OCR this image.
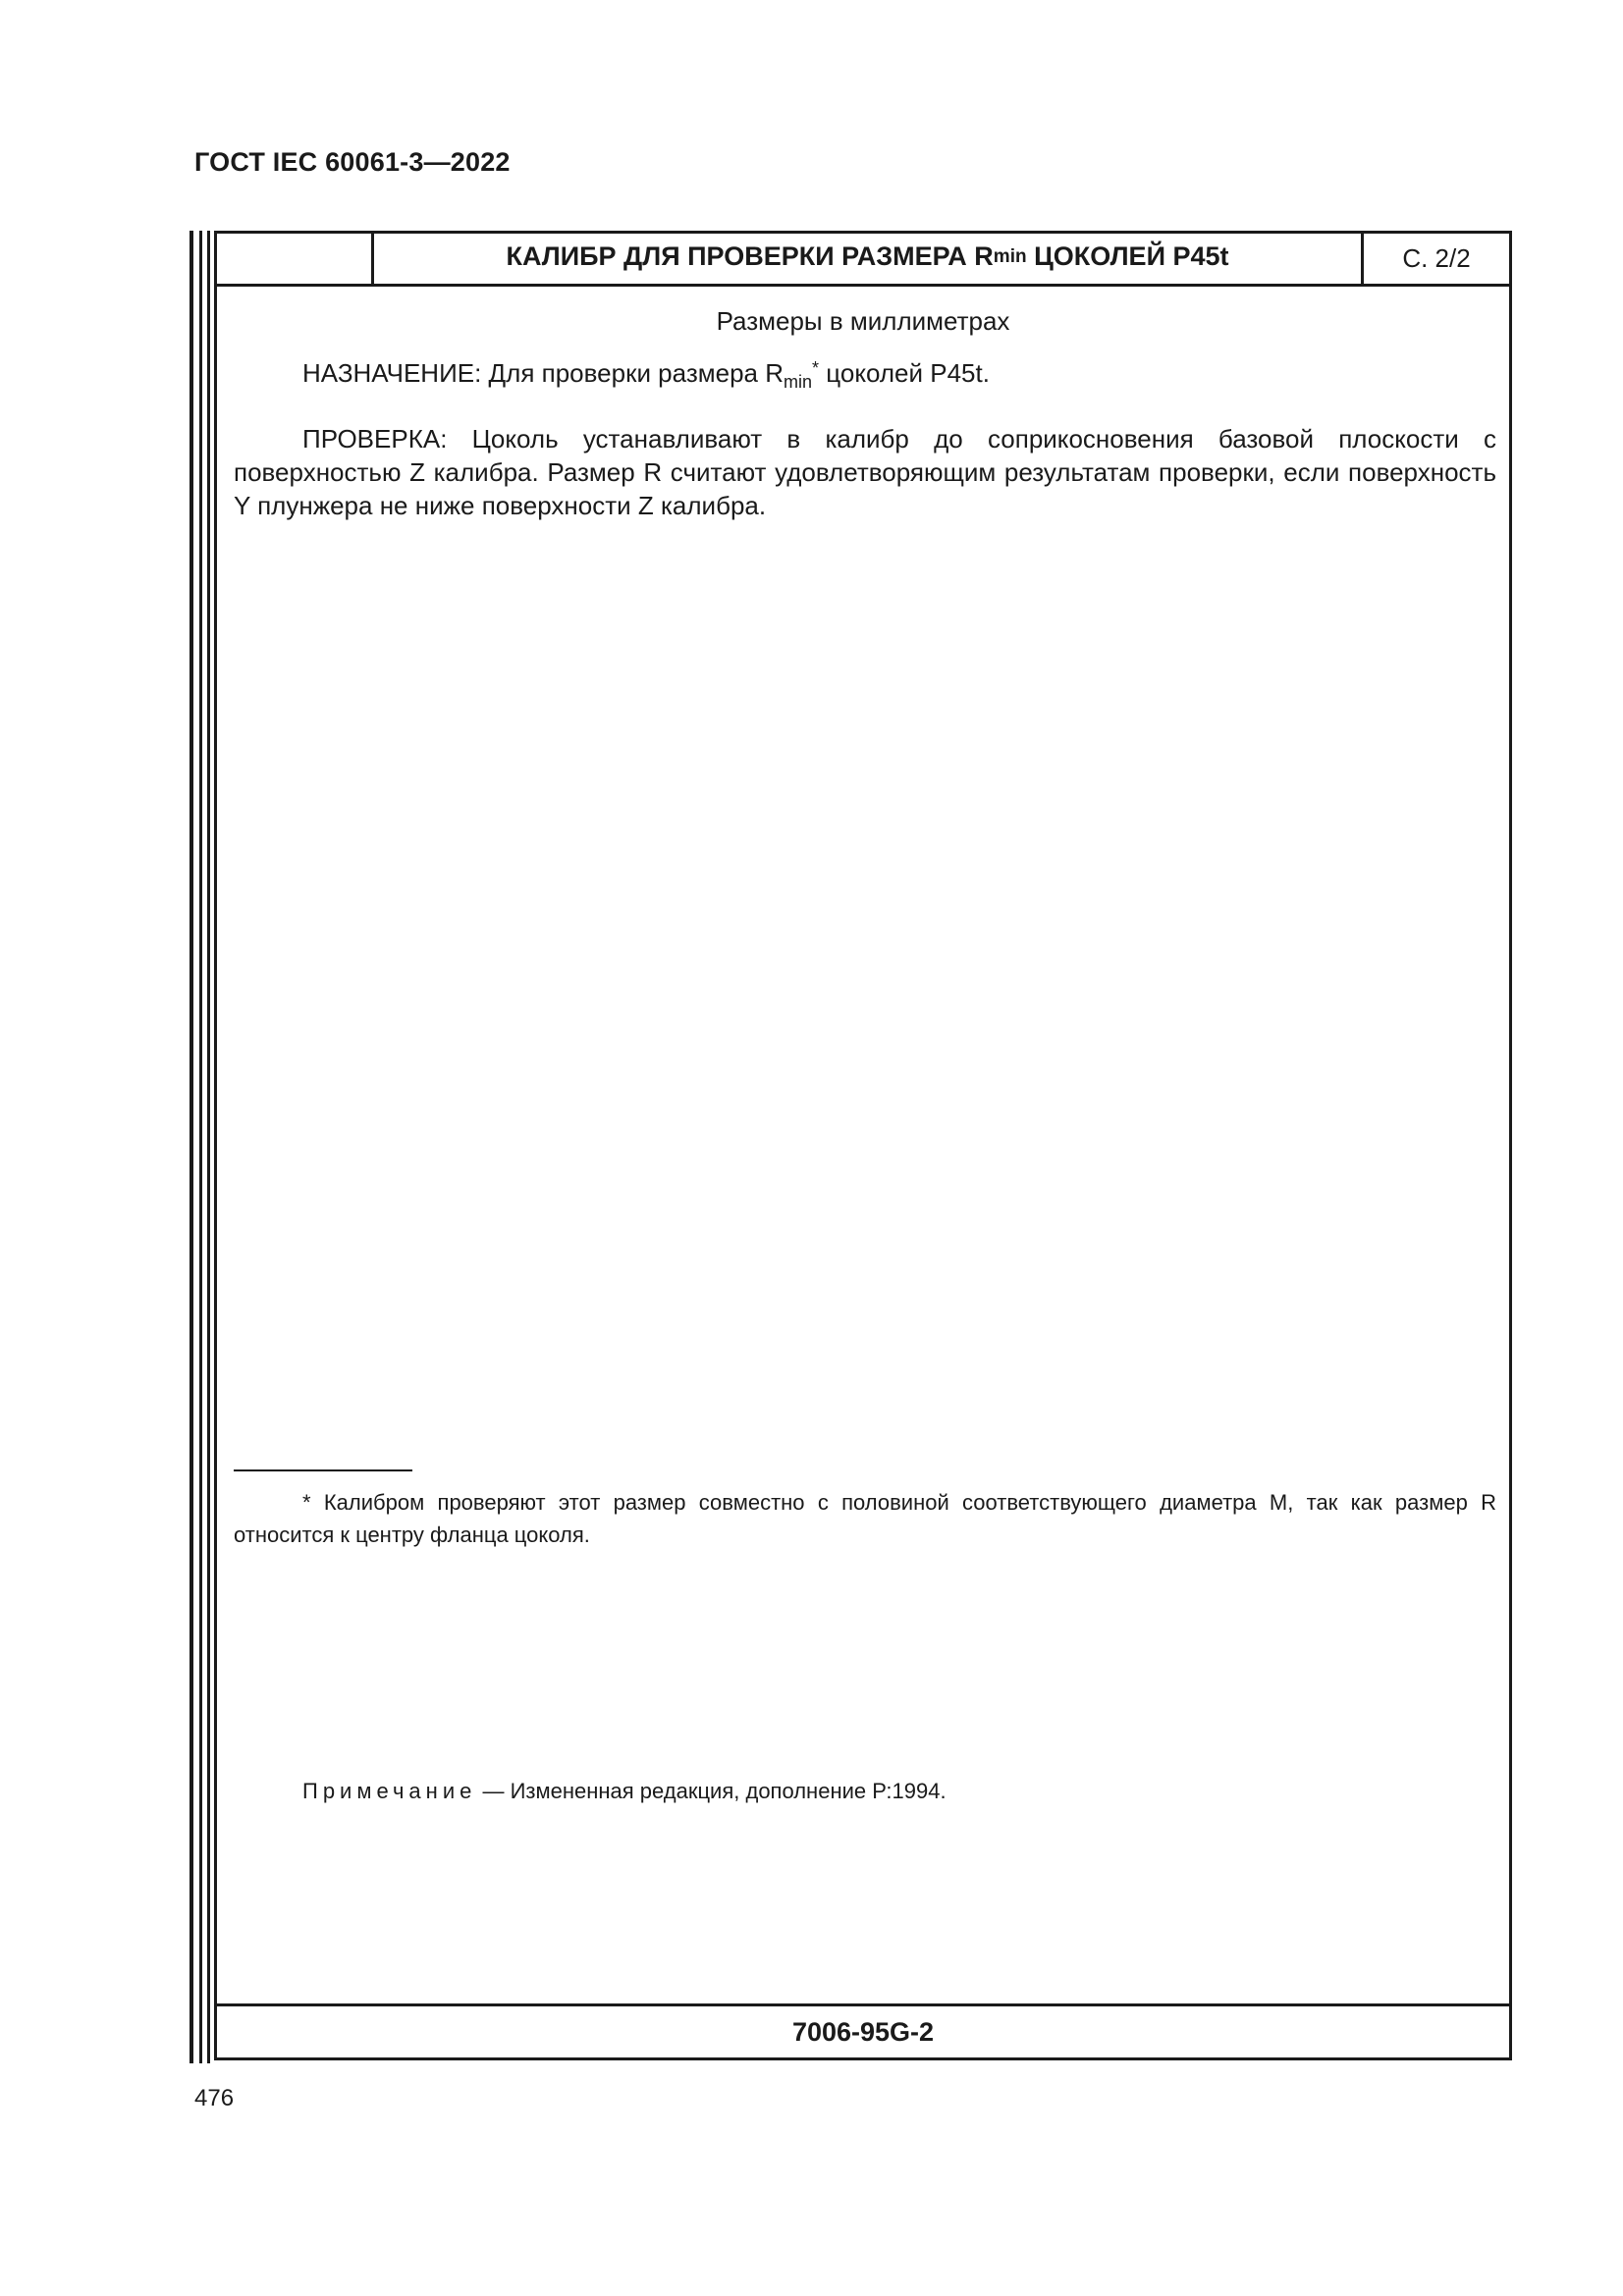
ГОСТ IEC 60061-3—2022
КАЛИБР ДЛЯ ПРОВЕРКИ РАЗМЕРА R min ЦОКОЛЕЙ Р45t	С. 2/2
Размеры в миллиметрах
НАЗНАЧЕНИЕ: Для проверки размера $R_{min}^*$ цоколей Р45t.
ПРОВЕРКА: Цоколь устанавливают в калибр до соприкосновения базовой плоскости с поверхностью Z калибра. Размер R считают удовлетворяющим результатам проверки, если поверхность Y плунжера не ниже поверхности Z калибра.
* Калибром проверяют этот размер совместно с половиной соответствующего диаметра М, так как размер R относится к центру фланца цоколя.
Примечание — Измененная редакция, дополнение Р:1994.
7006-95G-2
476
